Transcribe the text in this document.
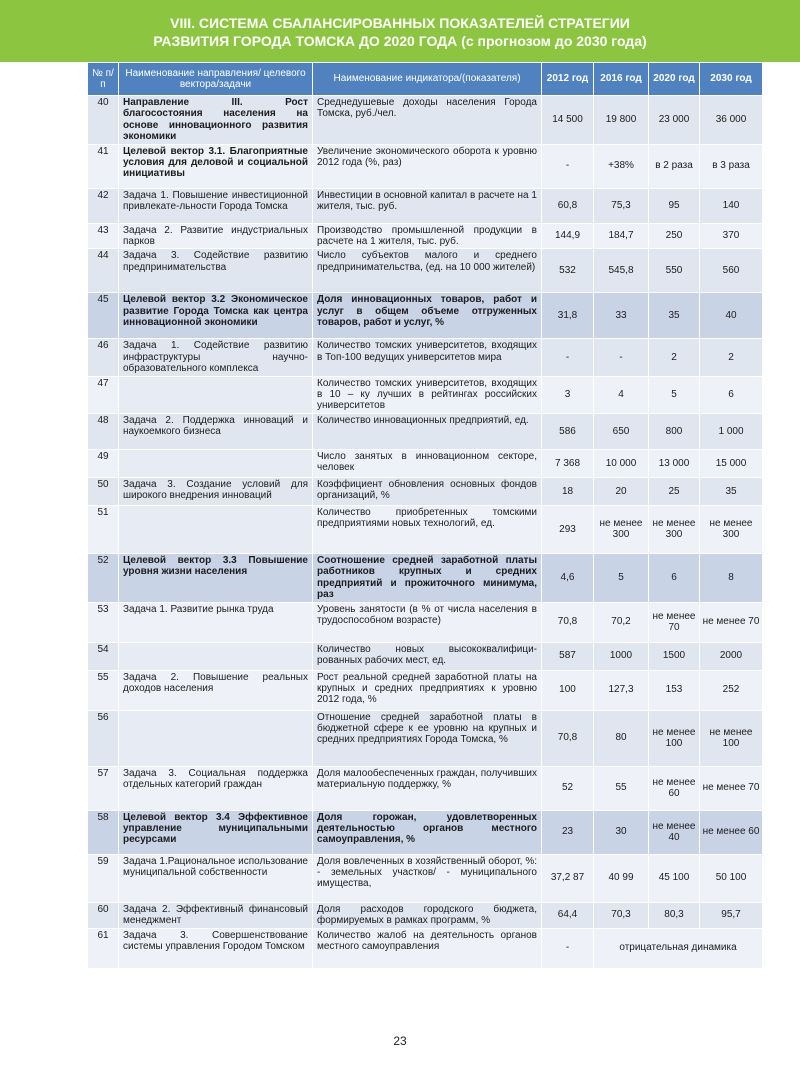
VIII. СИСТЕМА СБАЛАНСИРОВАННЫХ ПОКАЗАТЕЛЕЙ СТРАТЕГИИ
РАЗВИТИЯ ГОРОДА ТОМСКА ДО 2020 ГОДА (с прогнозом до 2030 года)
№ п/п	Наименование направления/ целевого вектора/задачи	Наименование индикатора/(показателя)	2012 год	2016 год	2020 год	2030 год
40	Направление III. Рост благосостояния населения на основе инновационного развития экономики	Среднедушевые доходы населения Города Томска, руб./чел.	14 500	19 800	23 000	36 000
41	Целевой вектор 3.1. Благоприятные условия для деловой и социальной инициативы	Увеличение экономического оборота к уровню 2012 года (%, раз)	-	+38%	в 2 раза	в 3 раза
42	Задача 1. Повышение инвестиционной привлекате-льности Города Томска	Инвестиции в основной капитал в расчете на 1 жителя, тыс. руб.	60,8	75,3	95	140
43	Задача 2. Развитие индустриальных парков	Производство промышленной продукции в расчете на 1 жителя, тыс. руб.	144,9	184,7	250	370
44	Задача 3. Содействие развитию предпринимательства	Число субъектов малого и среднего предпринимательства, (ед. на 10 000 жителей)	532	545,8	550	560
45	Целевой вектор 3.2 Экономическое развитие Города Томска как центра инновационной экономики	Доля инновационных товаров, работ и услуг в общем объеме отгруженных товаров, работ и услуг, %	31,8	33	35	40
46	Задача 1. Содействие развитию инфраструктуры научно-образовательного комплекса	Количество томских университетов, входящих в Топ-100 ведущих университетов мира	-	-	2	2
47		Количество томских университетов, входящих в 10 – ку лучших в рейтингах российских университетов	3	4	5	6
48	Задача 2. Поддержка инноваций и наукоемкого бизнеса	Количество инновационных предприятий, ед.	586	650	800	1 000
49		Число занятых в инновационном секторе, человек	7 368	10 000	13 000	15 000
50	Задача 3. Создание условий для широкого внедрения инноваций	Коэффициент обновления основных фондов организаций, %	18	20	25	35
51		Количество приобретенных томскими предприятиями новых технологий, ед.	293	не менее 300	не менее 300	не менее 300
52	Целевой вектор 3.3 Повышение уровня жизни населения	Соотношение средней заработной платы работников крупных и средних предприятий и прожиточного минимума, раз	4,6	5	6	8
53	Задача 1. Развитие рынка труда	Уровень занятости (в % от числа населения в трудоспособном возрасте)	70,8	70,2	не менее 70	не менее 70
54		Количество новых высококвалифици-рованных рабочих мест, ед.	587	1000	1500	2000
55	Задача 2. Повышение реальных доходов населения	Рост реальной средней заработной платы на крупных и средних предприятиях к уровню 2012 года, %	100	127,3	153	252
56		Отношение средней заработной платы в бюджетной сфере к ее уровню на крупных и средних предприятиях Города Томска, %	70,8	80	не менее 100	не менее 100
57	Задача 3. Социальная поддержка отдельных категорий граждан	Доля малообеспеченных граждан, получивших материальную поддержку, %	52	55	не менее 60	не менее 70
58	Целевой вектор 3.4 Эффективное управление муниципальными ресурсами	Доля горожан, удовлетворенных деятельностью органов местного самоуправления, %	23	30	не менее 40	не менее 60
59	Задача 1.Рациональное использование муниципальной собственности	Доля вовлеченных в хозяйственный оборот, %: - земельных участков/ - муниципального имущества,	37,2 87	40 99	45 100	50 100
60	Задача 2. Эффективный финансовый менеджмент	Доля расходов городского бюджета, формируемых в рамках программ, %	64,4	70,3	80,3	95,7
61	Задача 3. Совершенствование системы управления Городом Томском	Количество жалоб на деятельность органов местного самоуправления	-	отрицательная динамика		
23
